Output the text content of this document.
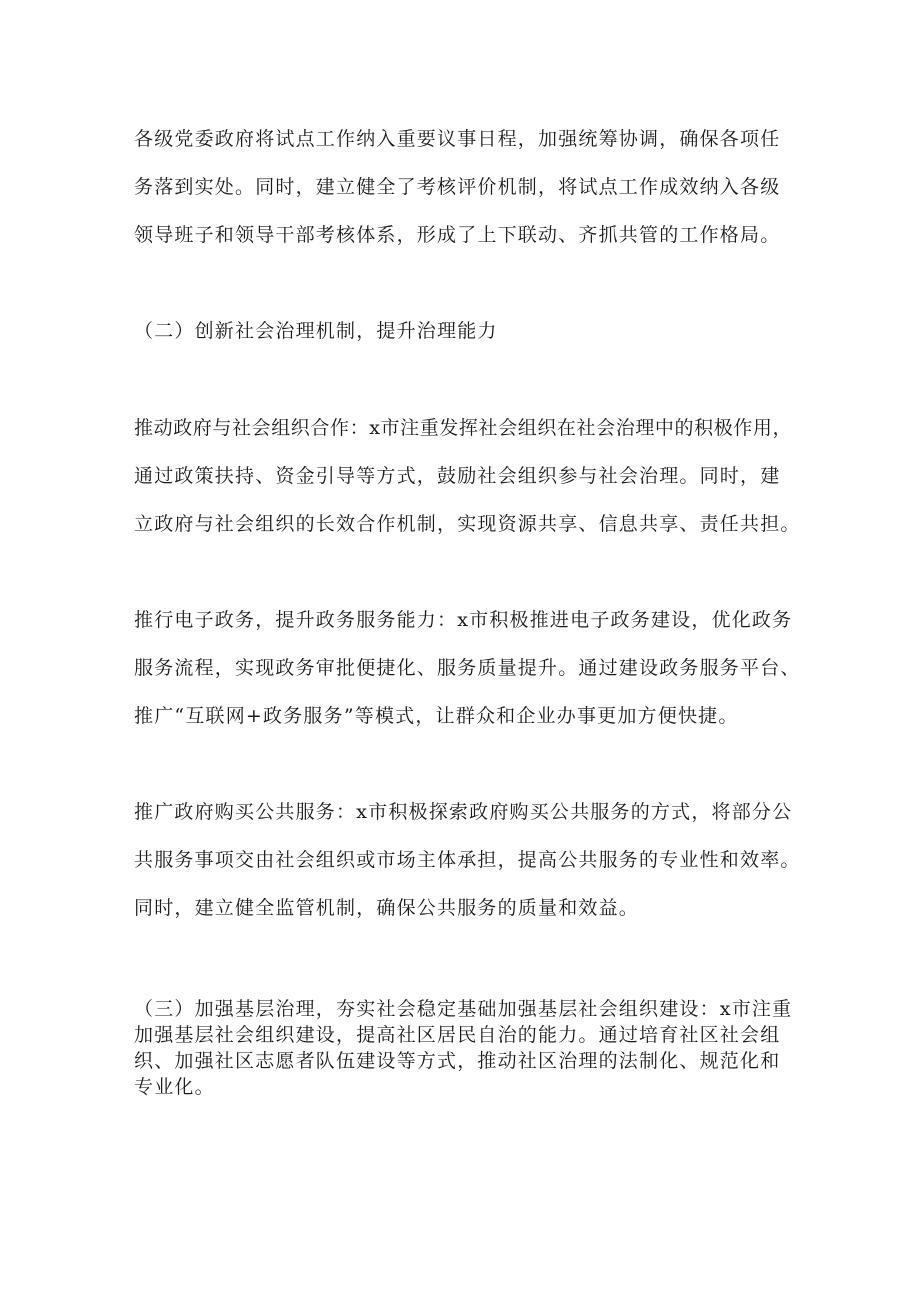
各级党委政府将试点工作纳入重要议事日程，加强统筹协调，确保各项任
务落到实处。同时，建立健全了考核评价机制，将试点工作成效纳入各级
领导班子和领导干部考核体系，形成了上下联动、齐抓共管的工作格局。
（二）创新社会治理机制，提升治理能力
推动政府与社会组织合作：x市注重发挥社会组织在社会治理中的积极作用，
通过政策扶持、资金引导等方式，鼓励社会组织参与社会治理。同时，建
立政府与社会组织的长效合作机制，实现资源共享、信息共享、责任共担。
推行电子政务，提升政务服务能力：x市积极推进电子政务建设，优化政务
服务流程，实现政务审批便捷化、服务质量提升。通过建设政务服务平台、
推广“互联网+政务服务”等模式，让群众和企业办事更加方便快捷。
推广政府购买公共服务：x市积极探索政府购买公共服务的方式，将部分公
共服务事项交由社会组织或市场主体承担，提高公共服务的专业性和效率。
同时，建立健全监管机制，确保公共服务的质量和效益。
（三）加强基层治理，夯实社会稳定基础加强基层社会组织建设：x市注重
加强基层社会组织建设，提高社区居民自治的能力。通过培育社区社会组
织、加强社区志愿者队伍建设等方式，推动社区治理的法制化、规范化和
专业化。
